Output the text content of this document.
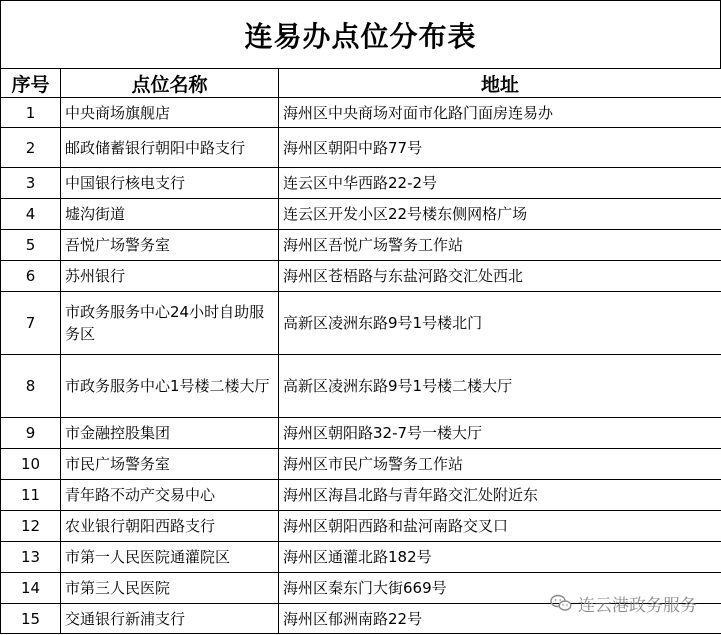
连易办点位分布表
序号	点位名称	地址
1	中央商场旗舰店	海州区中央商场对面市化路门面房连易办
2	邮政储蓄银行朝阳中路支行	海州区朝阳中路77号
3	中国银行核电支行	连云区中华西路22-2号
4	墟沟街道	连云区开发小区22号楼东侧网格广场
5	吾悦广场警务室	海州区吾悦广场警务工作站
6	苏州银行	海州区苍梧路与东盐河路交汇处西北
7	市政务服务中心24小时自助服务区	高新区凌洲东路9号1号楼北门
8	市政务服务中心1号楼二楼大厅	高新区凌洲东路9号1号楼二楼大厅
9	市金融控股集团	海州区朝阳路32-7号一楼大厅
10	市民广场警务室	海州区市民广场警务工作站
11	青年路不动产交易中心	海州区海昌北路与青年路交汇处附近东
12	农业银行朝阳西路支行	海州区朝阳西路和盐河南路交叉口
13	市第一人民医院通灌院区	海州区通灌北路182号
14	市第三人民医院	海州区秦东门大街669号
15	交通银行新浦支行	海州区郁洲南路22号
连云港政务服务
